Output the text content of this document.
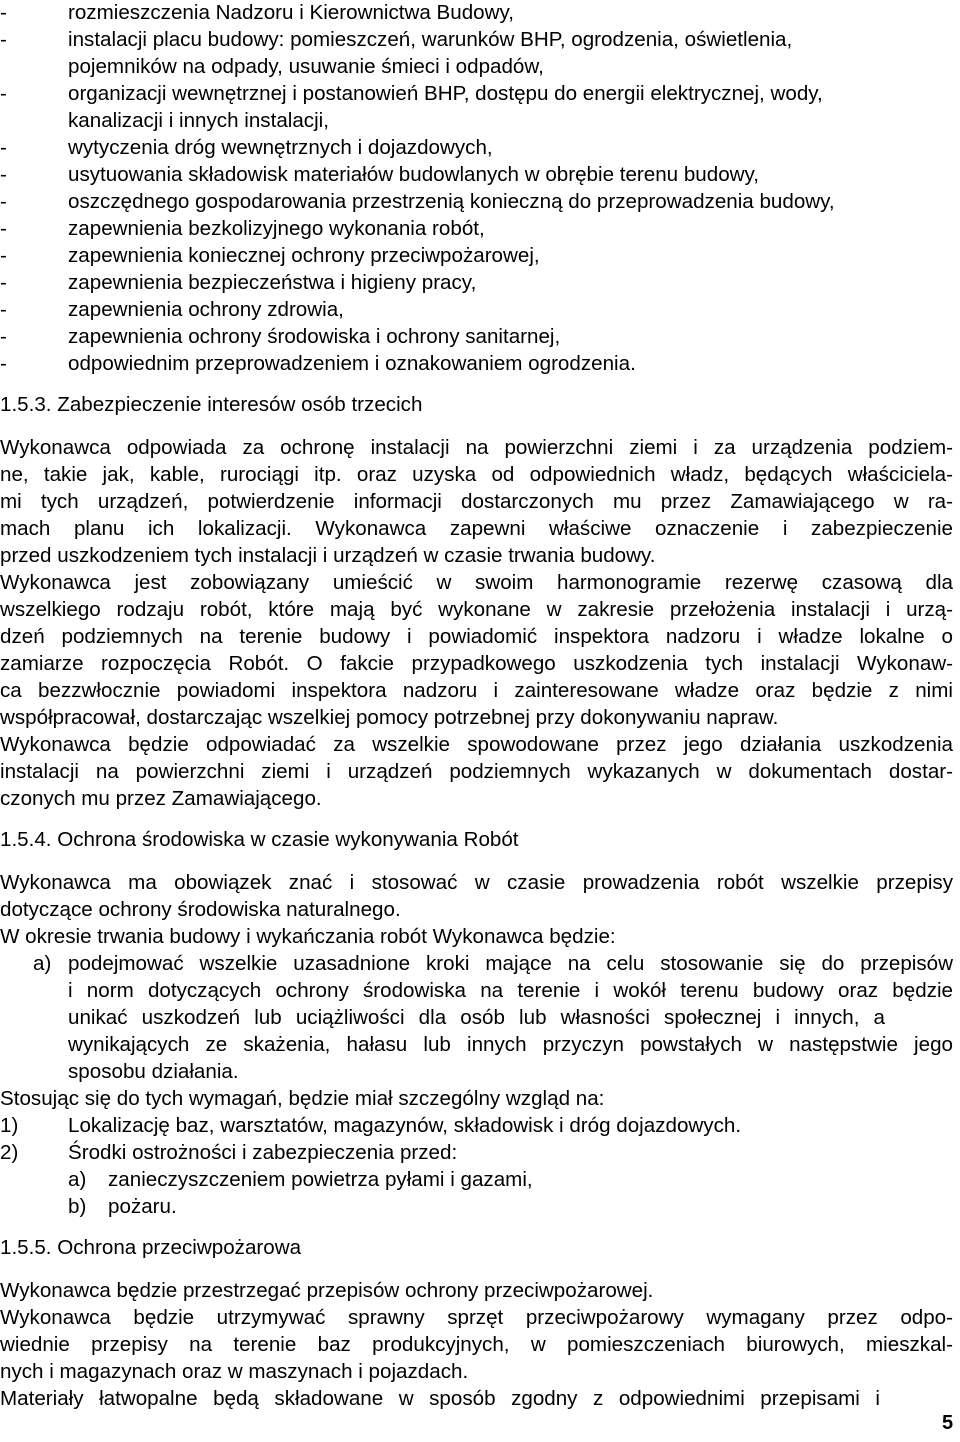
-	rozmieszczenia Nadzoru i Kierownictwa Budowy,
-	instalacji placu budowy: pomieszczeń, warunków BHP, ogrodzenia, oświetlenia,
pojemników na odpady, usuwanie śmieci i odpadów,
-	organizacji wewnętrznej i postanowień BHP, dostępu do energii elektrycznej, wody,
kanalizacji i innych instalacji,
-	wytyczenia dróg wewnętrznych i dojazdowych,
-	usytuowania składowisk materiałów budowlanych w obrębie terenu budowy,
-	oszczędnego gospodarowania przestrzenią konieczną do przeprowadzenia budowy,
-	zapewnienia bezkolizyjnego wykonania robót,
-	zapewnienia koniecznej ochrony przeciwpożarowej,
-	zapewnienia bezpieczeństwa i higieny pracy,
-	zapewnienia ochrony zdrowia,
-	zapewnienia ochrony środowiska i ochrony sanitarnej,
-	odpowiednim przeprowadzeniem i oznakowaniem ogrodzenia.
1.5.3. Zabezpieczenie interesów osób trzecich
Wykonawca odpowiada za ochronę instalacji na powierzchni ziemi i za urządzenia podziem-
ne, takie jak, kable, rurociągi itp. oraz uzyska od odpowiednich władz, będących właściciela-
mi tych urządzeń, potwierdzenie informacji dostarczonych mu przez Zamawiającego w ra-
mach planu ich lokalizacji. Wykonawca zapewni właściwe oznaczenie i zabezpieczenie
przed uszkodzeniem tych instalacji i urządzeń w czasie trwania budowy.
Wykonawca jest zobowiązany umieścić w swoim harmonogramie rezerwę czasową dla
wszelkiego rodzaju robót, które mają być wykonane w zakresie przełożenia instalacji i urzą-
dzeń podziemnych na terenie budowy i powiadomić inspektora nadzoru i władze lokalne o
zamiarze rozpoczęcia Robót. O fakcie przypadkowego uszkodzenia tych instalacji Wykonaw-
ca bezzwłocznie powiadomi inspektora nadzoru i zainteresowane władze oraz będzie z nimi
współpracował, dostarczając wszelkiej pomocy potrzebnej przy dokonywaniu napraw.
Wykonawca będzie odpowiadać za wszelkie spowodowane przez jego działania uszkodzenia
instalacji na powierzchni ziemi i urządzeń podziemnych wykazanych w dokumentach dostar-
czonych mu przez Zamawiającego.
1.5.4. Ochrona środowiska w czasie wykonywania Robót
Wykonawca ma obowiązek znać i stosować w czasie prowadzenia robót wszelkie przepisy
dotyczące ochrony środowiska naturalnego.
W okresie trwania budowy i wykańczania robót Wykonawca będzie:
a) podejmować wszelkie uzasadnione kroki mające na celu stosowanie się do przepisów
i norm dotyczących ochrony środowiska na terenie i wokół terenu budowy oraz będzie
unikać uszkodzeń lub uciążliwości dla osób lub własności społecznej i innych, a
wynikających ze skażenia, hałasu lub innych przyczyn powstałych w następstwie jego
sposobu działania.
Stosując się do tych wymagań, będzie miał szczególny wzgląd na:
1) Lokalizację baz, warsztatów, magazynów, składowisk i dróg dojazdowych.
2) Środki ostrożności i zabezpieczenia przed:
a) zanieczyszczeniem powietrza pyłami i gazami,
b) pożaru.
1.5.5. Ochrona przeciwpożarowa
Wykonawca będzie przestrzegać przepisów ochrony przeciwpożarowej.
Wykonawca będzie utrzymywać sprawny sprzęt przeciwpożarowy wymagany przez odpo-
wiednie przepisy na terenie baz produkcyjnych, w pomieszczeniach biurowych, mieszkal-
nych i magazynach oraz w maszynach i pojazdach.
Materiały łatwopalne będą składowane w sposób zgodny z odpowiednimi przepisami i
5
